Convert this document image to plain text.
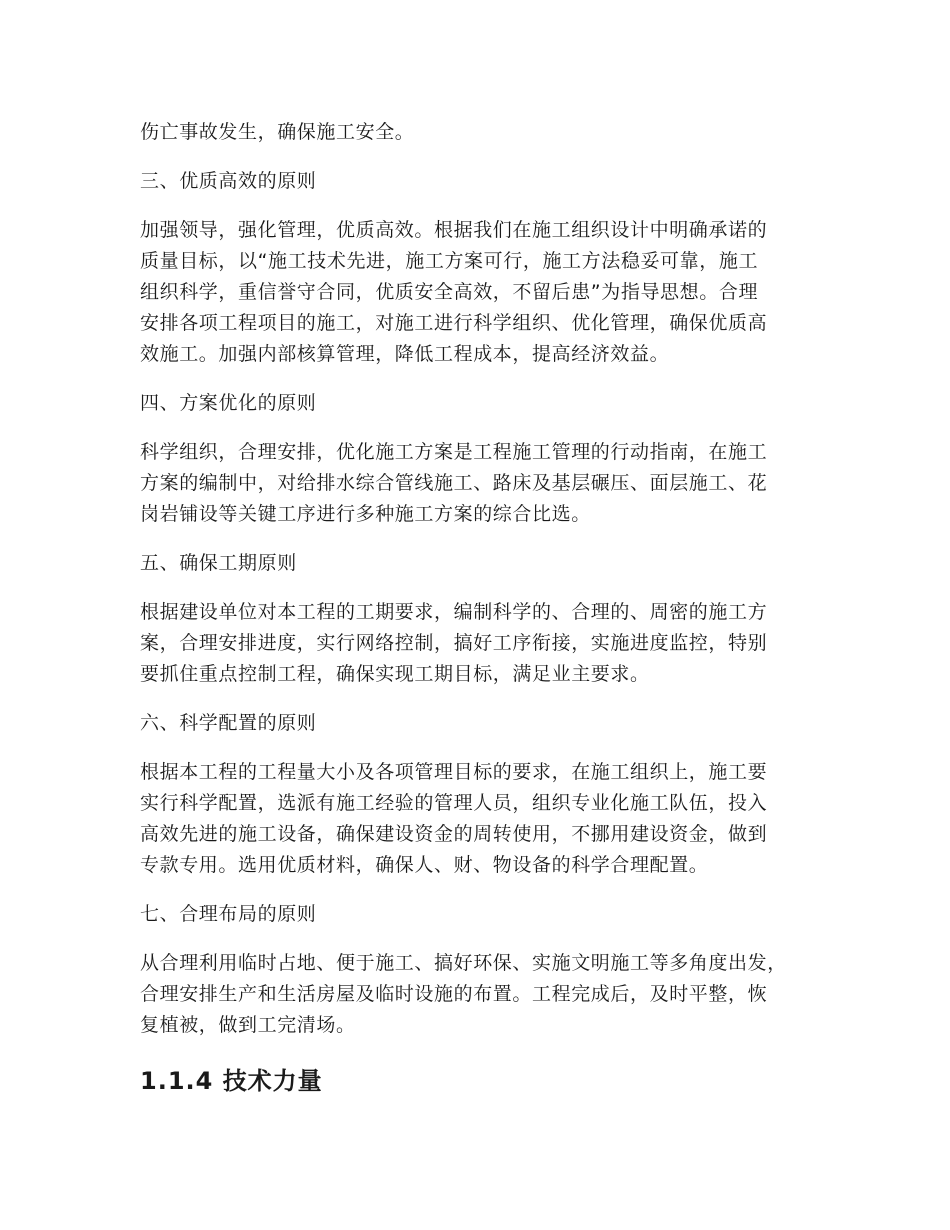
伤亡事故发生，确保施工安全。

三、优质高效的原则

加强领导，强化管理，优质高效。根据我们在施工组织设计中明确承诺的
质量目标，以“施工技术先进，施工方案可行，施工方法稳妥可靠，施工
组织科学，重信誉守合同，优质安全高效，不留后患”为指导思想。合理
安排各项工程项目的施工，对施工进行科学组织、优化管理，确保优质高
效施工。加强内部核算管理，降低工程成本，提高经济效益。

四、方案优化的原则

科学组织，合理安排，优化施工方案是工程施工管理的行动指南，在施工
方案的编制中，对给排水综合管线施工、路床及基层碾压、面层施工、花
岗岩铺设等关键工序进行多种施工方案的综合比选。

五、确保工期原则

根据建设单位对本工程的工期要求，编制科学的、合理的、周密的施工方
案，合理安排进度，实行网络控制，搞好工序衔接，实施进度监控，特别
要抓住重点控制工程，确保实现工期目标，满足业主要求。

六、科学配置的原则

根据本工程的工程量大小及各项管理目标的要求，在施工组织上，施工要
实行科学配置，选派有施工经验的管理人员，组织专业化施工队伍，投入
高效先进的施工设备，确保建设资金的周转使用，不挪用建设资金，做到
专款专用。选用优质材料，确保人、财、物设备的科学合理配置。

七、合理布局的原则

从合理利用临时占地、便于施工、搞好环保、实施文明施工等多角度出发，
合理安排生产和生活房屋及临时设施的布置。工程完成后，及时平整，恢
复植被，做到工完清场。

1.1.4 技术力量
